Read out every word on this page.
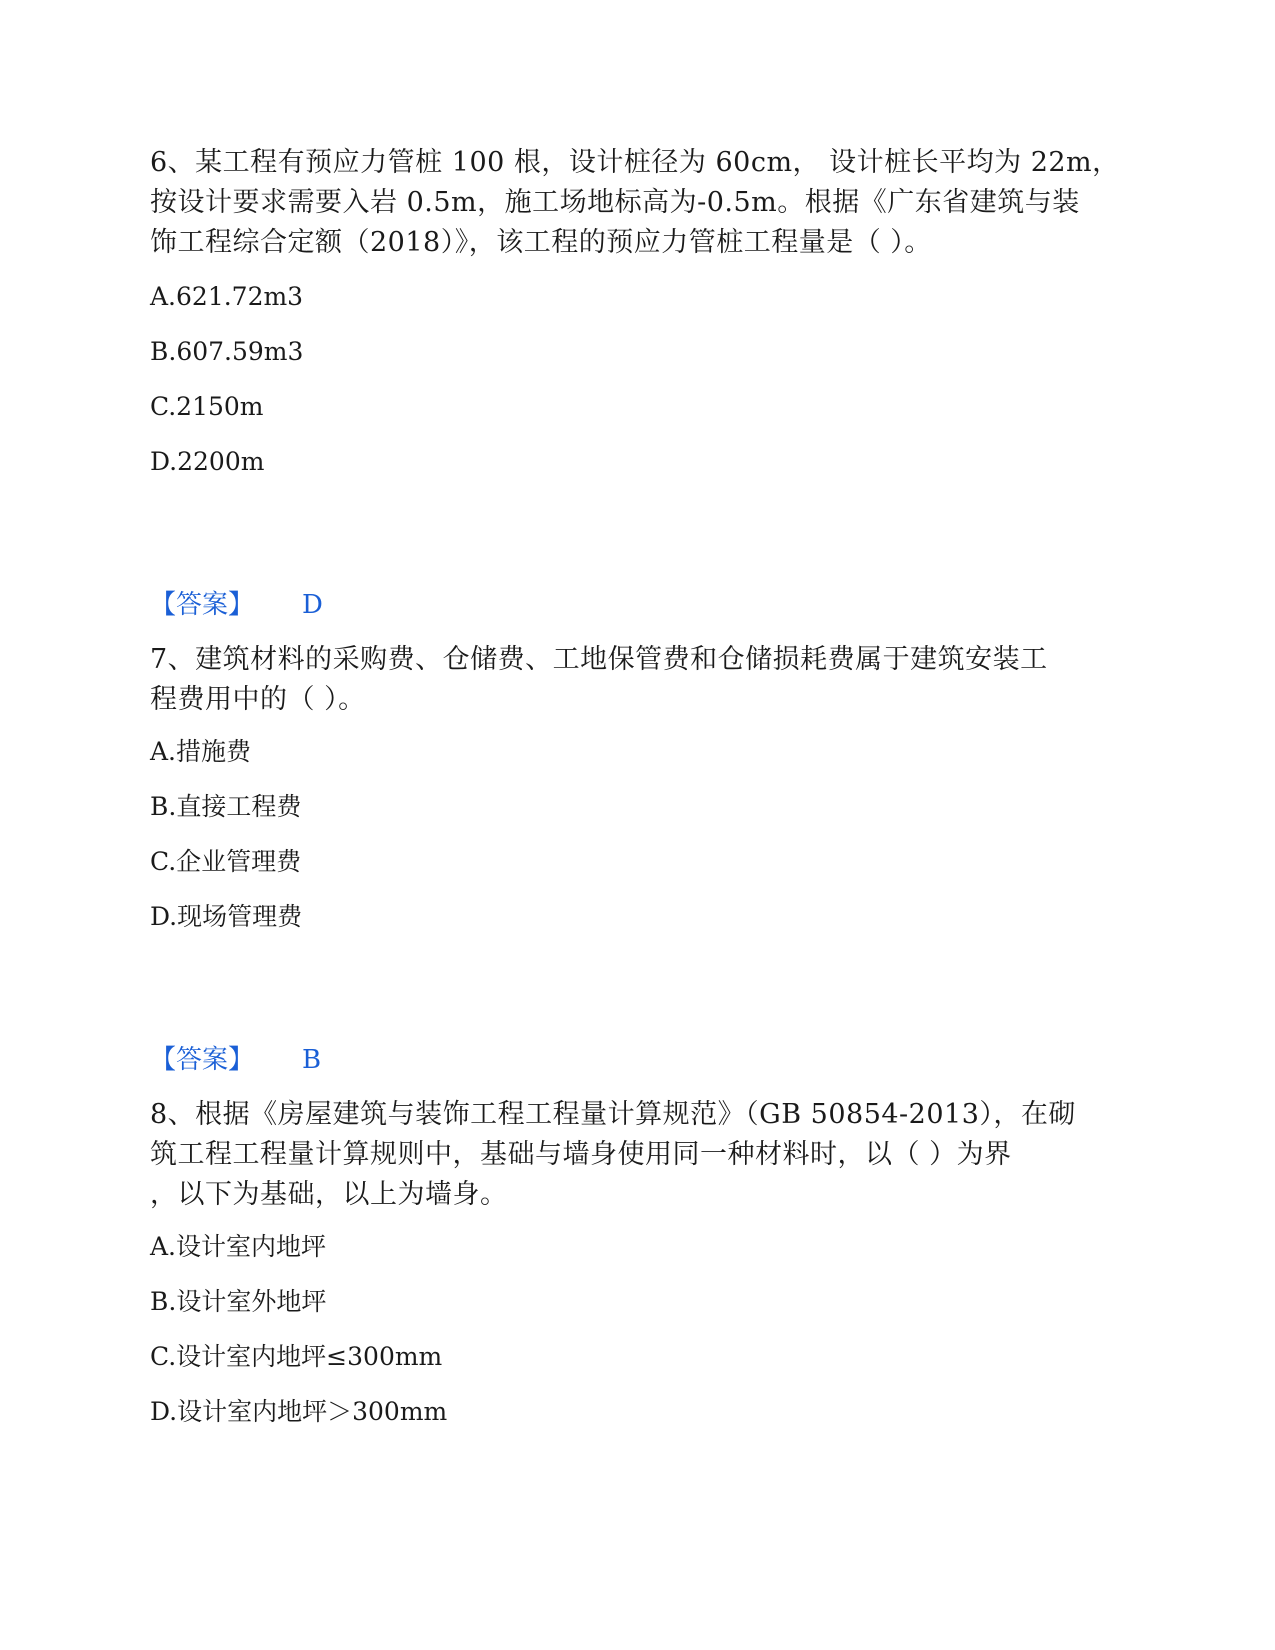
6、某工程有预应力管桩 100 根，设计桩径为 60cm， 设计桩长平均为 22m，
按设计要求需要入岩 0.5m，施工场地标高为-0.5m。根据《广东省建筑与装
饰工程综合定额（2018）》，该工程的预应力管桩工程量是（ ）。
A.621.72m3
B.607.59m3
C.2150m
D.2200m
【答案】 D
7、建筑材料的采购费、仓储费、工地保管费和仓储损耗费属于建筑安装工
程费用中的（ ）。
A.措施费
B.直接工程费
C.企业管理费
D.现场管理费
【答案】 B
8、根据《房屋建筑与装饰工程工程量计算规范》（GB 50854-2013），在砌
筑工程工程量计算规则中，基础与墙身使用同一种材料时，以（ ）为界
，以下为基础，以上为墙身。
A.设计室内地坪
B.设计室外地坪
C.设计室内地坪≤300mm
D.设计室内地坪＞300mm
